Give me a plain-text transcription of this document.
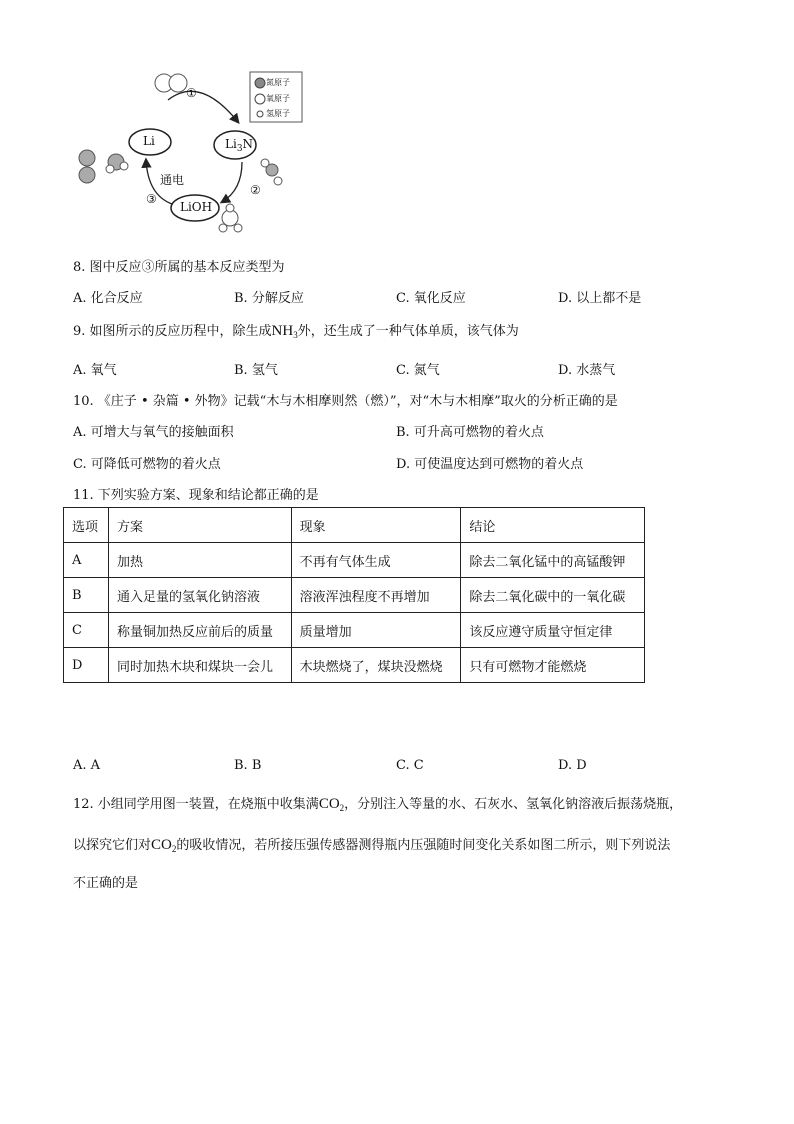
Li	$Li_3N$
LiOH
①
②
③
通电
氮原子
氧原子
氢原子
8. 图中反应③所属的基本反应类型为
A. 化合反应	B. 分解反应	C. 氧化反应	D. 以上都不是
9. 如图所示的反应历程中，除生成$NH_3$外，还生成了一种气体单质，该气体为
A. 氧气	B. 氢气	C. 氮气	D. 水蒸气
10. 《庄子 • 杂篇 • 外物》记载“木与木相摩则然（燃）”，对“木与木相摩”取火的分析正确的是
A. 可增大与氧气的接触面积	B. 可升高可燃物的着火点
C. 可降低可燃物的着火点	D. 可使温度达到可燃物的着火点
11. 下列实验方案、现象和结论都正确的是
选项	方案	现象	结论
A	加热	不再有气体生成	除去二氧化锰中的高锰酸钾
B	通入足量的氢氧化钠溶液	溶液浑浊程度不再增加	除去二氧化碳中的一氧化碳
C	称量铜加热反应前后的质量	质量增加	该反应遵守质量守恒定律
D	同时加热木块和煤块一会儿	木块燃烧了，煤块没燃烧	只有可燃物才能燃烧
A. A	B. B	C. C	D. D
12. 小组同学用图一装置，在烧瓶中收集满$CO_2$，分别注入等量的水、石灰水、氢氧化钠溶液后振荡烧瓶，
以探究它们对$CO_2$的吸收情况，若所接压强传感器测得瓶内压强随时间变化关系如图二所示，则下列说法
不正确的是
